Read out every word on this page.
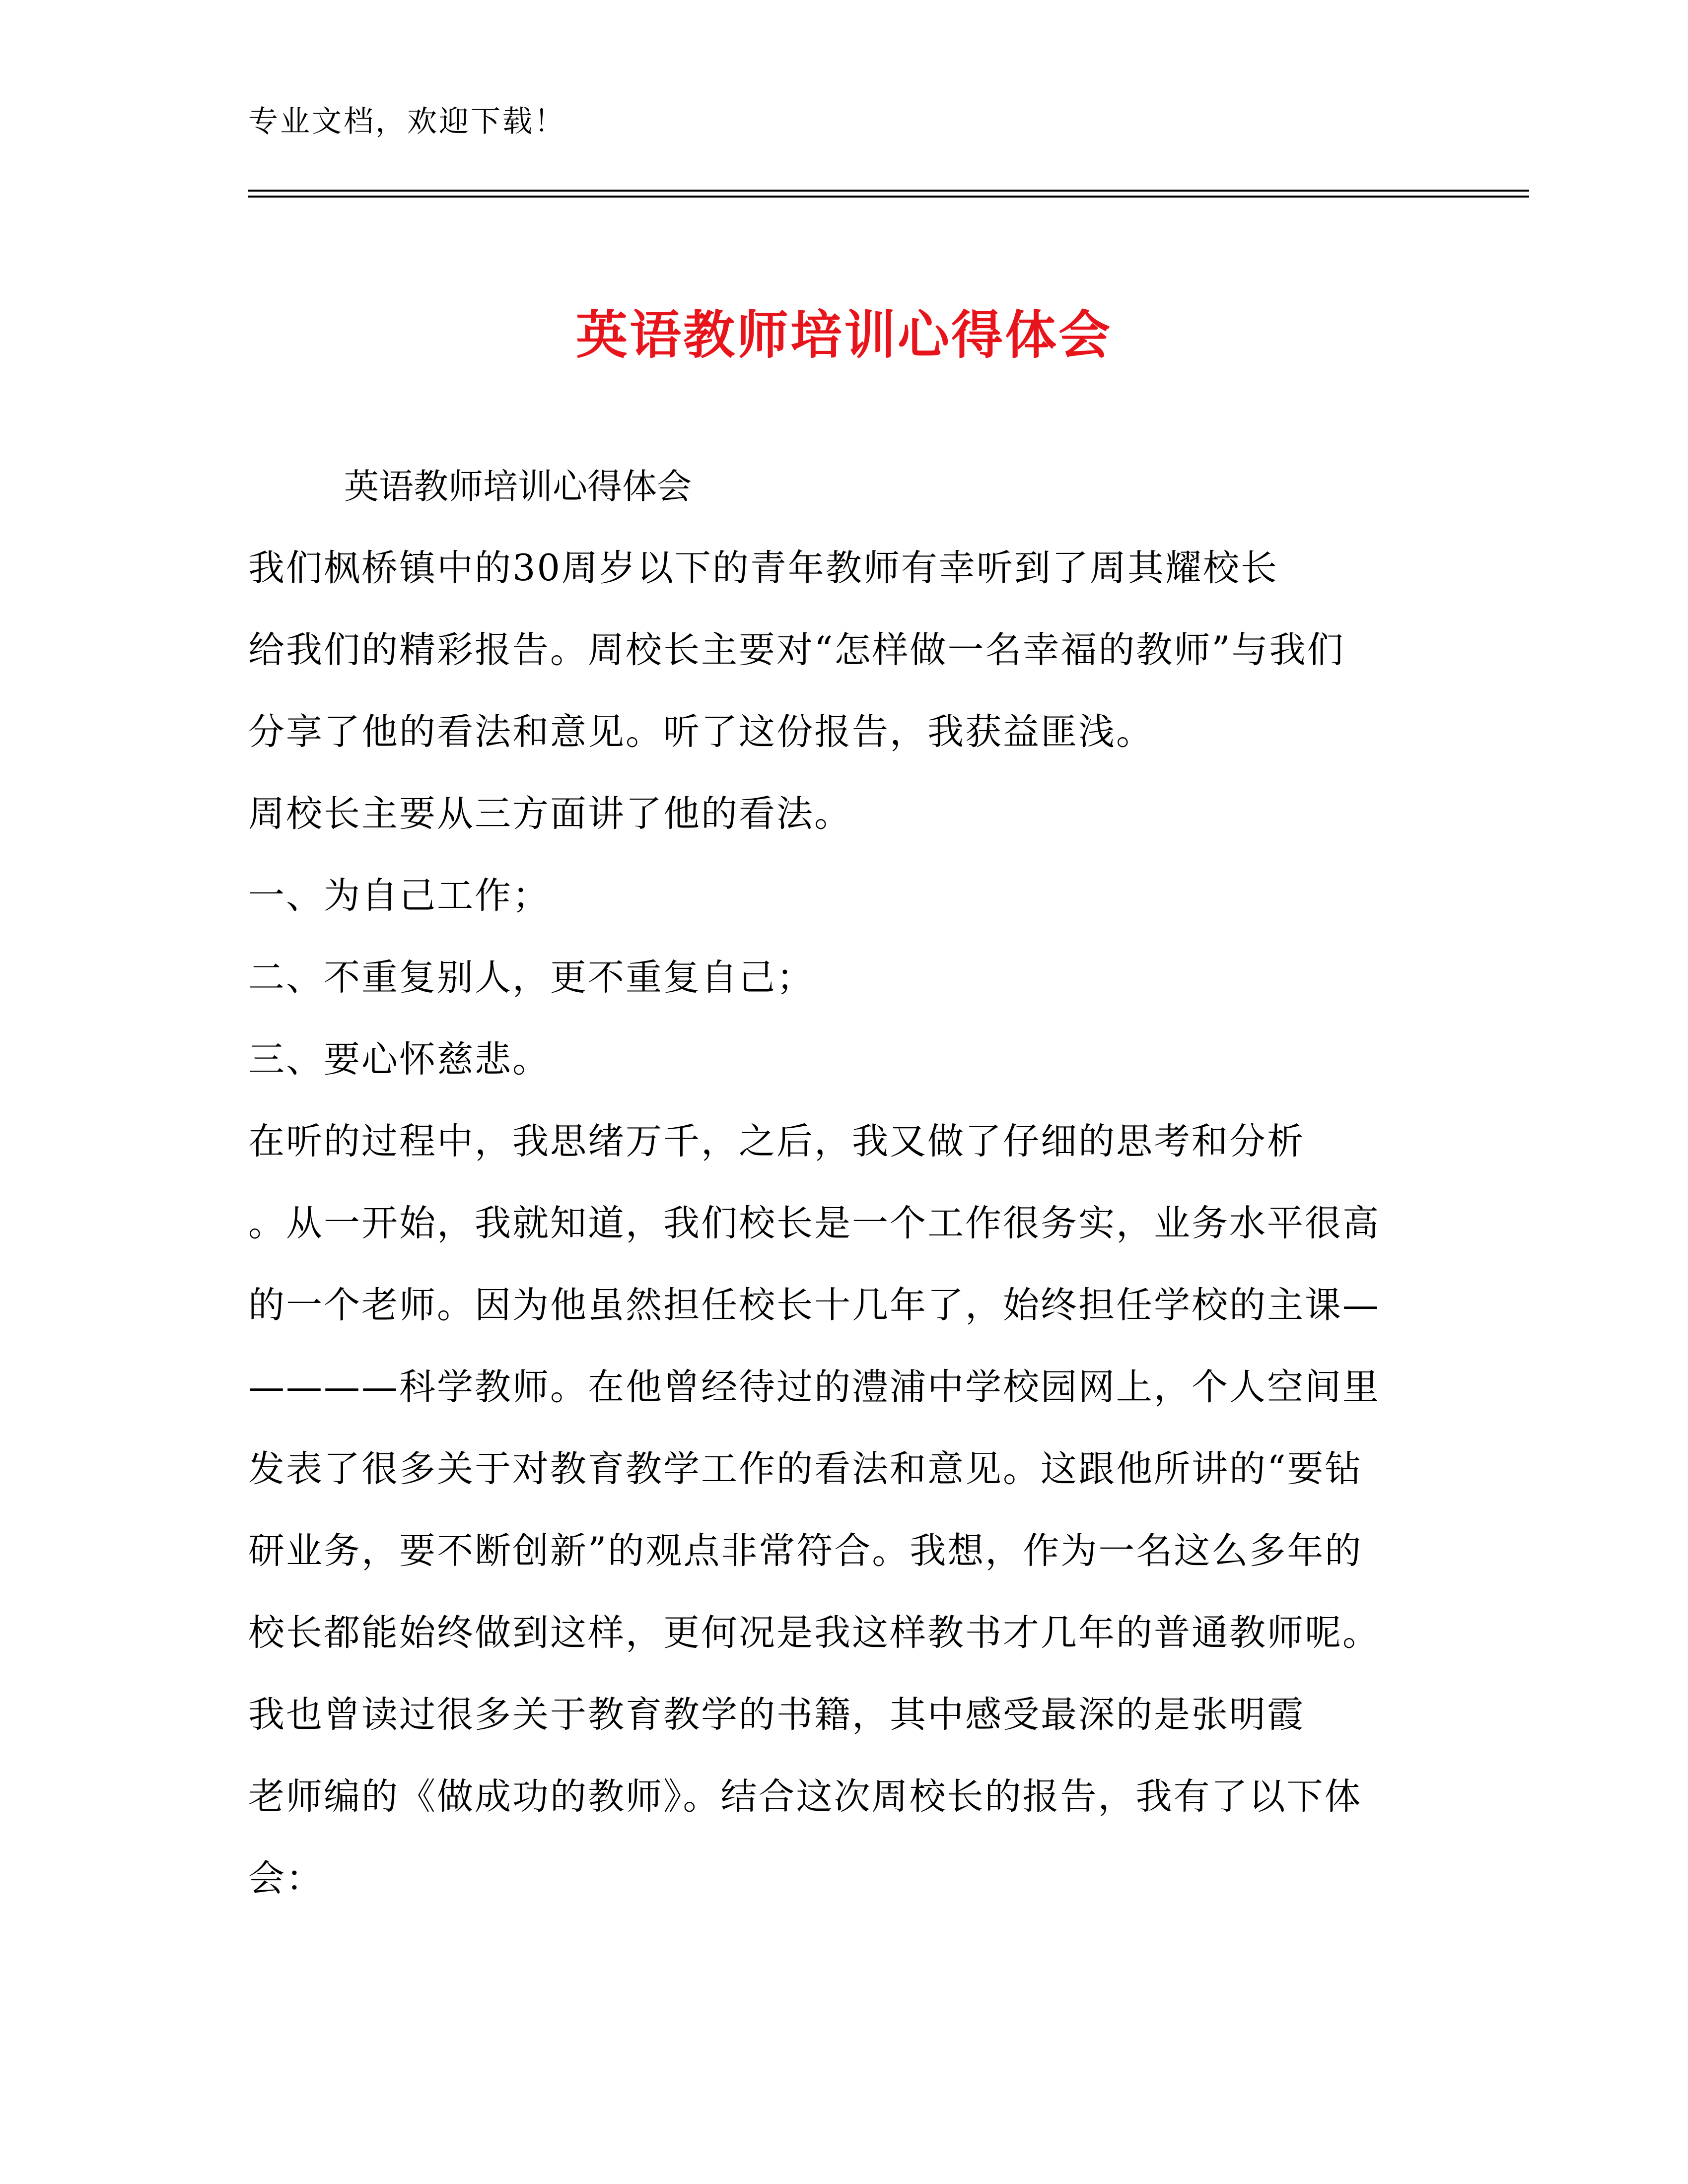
专业文档，欢迎下载！
英语教师培训心得体会
英语教师培训心得体会
我们枫桥镇中的30周岁以下的青年教师有幸听到了周其耀校长
给我们的精彩报告。周校长主要对“怎样做一名幸福的教师”与我们
分享了他的看法和意见。听了这份报告，我获益匪浅。
周校长主要从三方面讲了他的看法。
一、为自己工作；
二、不重复别人，更不重复自己；
三、要心怀慈悲。
在听的过程中，我思绪万千，之后，我又做了仔细的思考和分析
。从一开始，我就知道，我们校长是一个工作很务实，业务水平很高
的一个老师。因为他虽然担任校长十几年了，始终担任学校的主课—
————科学教师。在他曾经待过的澧浦中学校园网上，个人空间里
发表了很多关于对教育教学工作的看法和意见。这跟他所讲的“要钻
研业务，要不断创新”的观点非常符合。我想，作为一名这么多年的
校长都能始终做到这样，更何况是我这样教书才几年的普通教师呢。
我也曾读过很多关于教育教学的书籍，其中感受最深的是张明霞
老师编的《做成功的教师》。结合这次周校长的报告，我有了以下体
会：
